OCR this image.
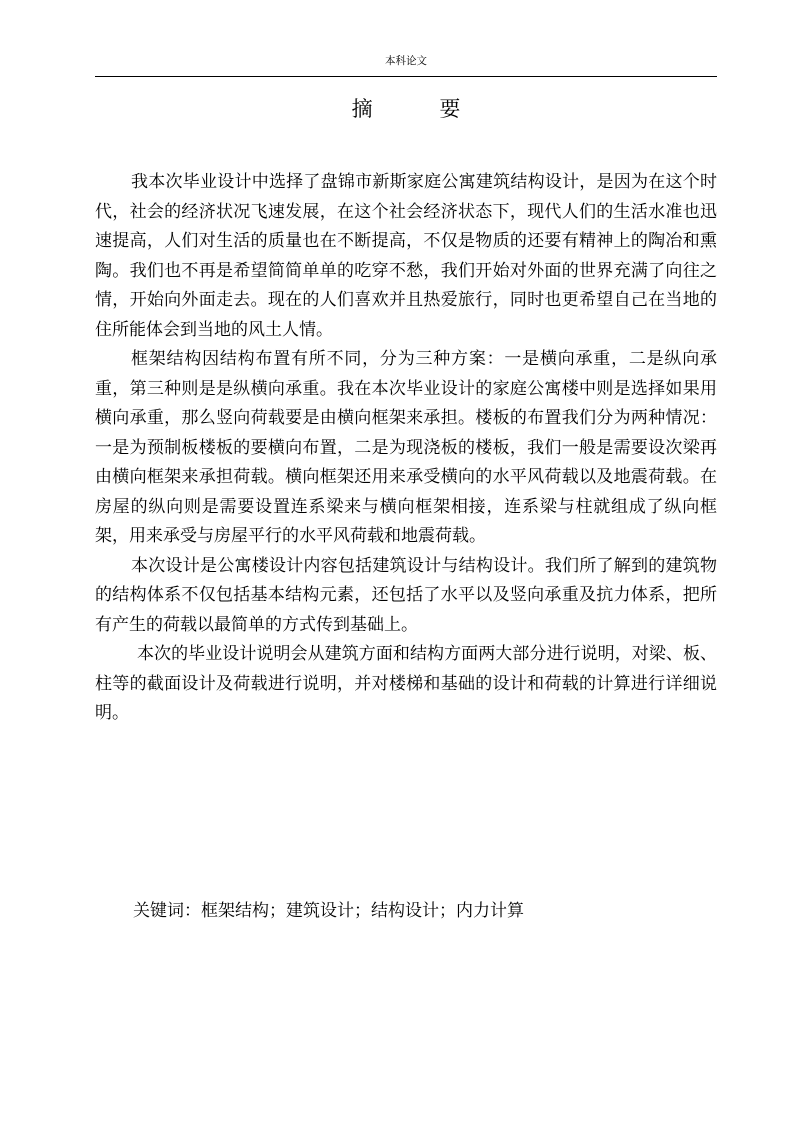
本科论文
摘 要

我本次毕业设计中选择了盘锦市新斯家庭公寓建筑结构设计，是因为在这个时代，社会的经济状况飞速发展，在这个社会经济状态下，现代人们的生活水准也迅速提高，人们对生活的质量也在不断提高，不仅是物质的还要有精神上的陶冶和熏陶。我们也不再是希望简简单单的吃穿不愁，我们开始对外面的世界充满了向往之情，开始向外面走去。现在的人们喜欢并且热爱旅行，同时也更希望自己在当地的住所能体会到当地的风土人情。

框架结构因结构布置有所不同，分为三种方案：一是横向承重，二是纵向承重，第三种则是是纵横向承重。我在本次毕业设计的家庭公寓楼中则是选择如果用横向承重，那么竖向荷载要是由横向框架来承担。楼板的布置我们分为两种情况：一是为预制板楼板的要横向布置，二是为现浇板的楼板，我们一般是需要设次梁再由横向框架来承担荷载。横向框架还用来承受横向的水平风荷载以及地震荷载。在房屋的纵向则是需要设置连系梁来与横向框架相接，连系梁与柱就组成了纵向框架，用来承受与房屋平行的水平风荷载和地震荷载。

本次设计是公寓楼设计内容包括建筑设计与结构设计。我们所了解到的建筑物的结构体系不仅包括基本结构元素，还包括了水平以及竖向承重及抗力体系，把所有产生的荷载以最简单的方式传到基础上。

本次的毕业设计说明会从建筑方面和结构方面两大部分进行说明，对梁、板、柱等的截面设计及荷载进行说明，并对楼梯和基础的设计和荷载的计算进行详细说明。

关键词：框架结构；建筑设计；结构设计；内力计算
